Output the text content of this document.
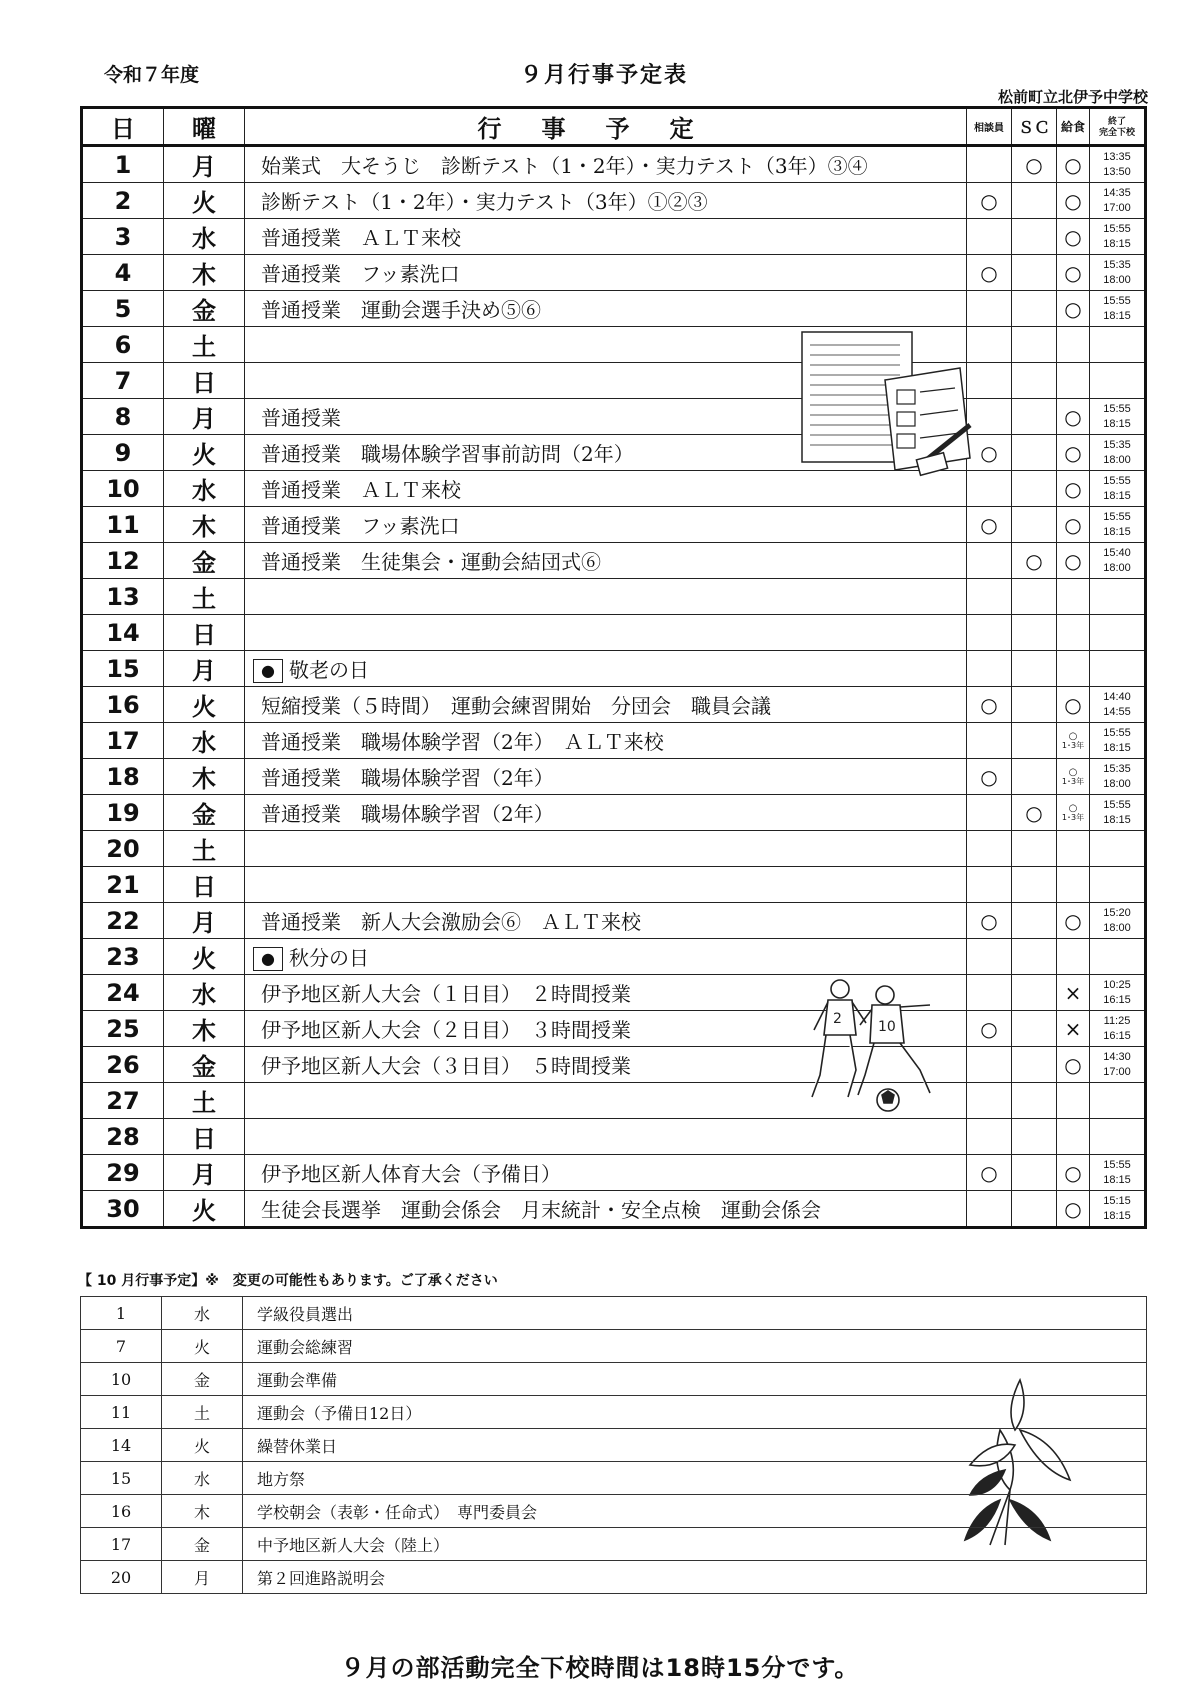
令和７年度	９月行事予定表
松前町立北伊予中学校
日	曜	行事予定	相談員	ＳＣ	給食	終了
完全下校
1	月	始業式　大そうじ　診断テスト（1・2年）・実力テスト（3年）③④		○	○	13:35
13:50
2	火	診断テスト（1・2年）・実力テスト（3年）①②③	○		○	14:35
17:00
3	水	普通授業　ＡＬＴ来校			○	15:55
18:15
4	木	普通授業　フッ素洗口	○		○	15:35
18:00
5	金	普通授業　運動会選手決め⑤⑥			○	15:55
18:15
6	土					

7	日					

8	月	普通授業			○	15:55
18:15
9	火	普通授業　職場体験学習事前訪問（2年）	○		○	15:35
18:00
10	水	普通授業　ＡＬＴ来校			○	15:55
18:15
11	木	普通授業　フッ素洗口	○		○	15:55
18:15
12	金	普通授業　生徒集会・運動会結団式⑥		○	○	15:40
18:00
13	土					

14	日					

15	月	● 敬老の日				

16	火	短縮授業（５時間）　運動会練習開始　分団会　職員会議	○		○	14:40
14:55
17	水	普通授業　職場体験学習（2年）　ＡＬＴ来校			○
1･3年	15:55
18:15
18	木	普通授業　職場体験学習（2年）	○		○
1･3年	15:35
18:00
19	金	普通授業　職場体験学習（2年）		○	○
1･3年	15:55
18:15
20	土					

21	日					

22	月	普通授業　新人大会激励会⑥　ＡＬＴ来校	○		○	15:20
18:00
23	火	● 秋分の日				

24	水	伊予地区新人大会（１日目）　２時間授業			×	10:25
16:15
25	木	伊予地区新人大会（２日目）　３時間授業	○		×	11:25
16:15
26	金	伊予地区新人大会（３日目）　５時間授業			○	14:30
17:00
27	土					

28	日					

29	月	伊予地区新人体育大会（予備日）	○		○	15:55
18:15
30	火	生徒会長選挙　運動会係会　月末統計・安全点検　運動会係会			○	15:15
18:15
2	10
【 10 月行事予定】※　変更の可能性もあります。ご了承ください
1	水	学級役員選出
7	火	運動会総練習
10	金	運動会準備
11	土	運動会（予備日12日）
14	火	繰替休業日
15	水	地方祭
16	木	学校朝会（表彰・任命式）　専門委員会
17	金	中予地区新人大会（陸上）
20	月	第２回進路説明会
９月の部活動完全下校時間は18時15分です。
